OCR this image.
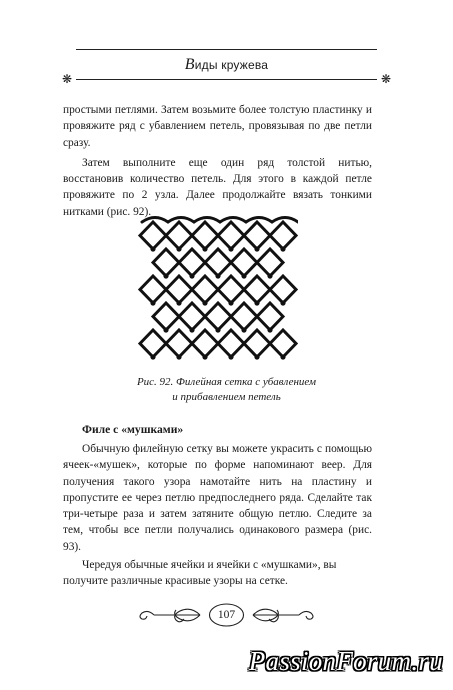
Виды кружева
❋	❋

простыми петлями. Затем возьмите более толстую пластинку и провяжите ряд с убавлением петель, провязывая по две петли сразу.

Затем выполните еще один ряд толстой нитью, восстановив количество петель. Для этого в каждой петле провяжите по 2 узла. Далее продолжайте вязать тонкими нитками (рис. 92).

Рис. 92. Филейная сетка с убавлением
и прибавлением петель
Филе с «мушками»

Обычную филейную сетку вы можете украсить с помощью ячеек-«мушек», которые по форме напоминают веер. Для получения такого узора намотайте нить на пластину и пропустите ее через петлю предпоследнего ряда. Сделайте так три-четыре раза и затем затяните общую петлю. Следите за тем, чтобы все петли получались одинакового размера (рис. 93).

Чередуя обычные ячейки и ячейки с «мушками», вы получите различные красивые узоры на сетке.

107
PassionForum.ru
